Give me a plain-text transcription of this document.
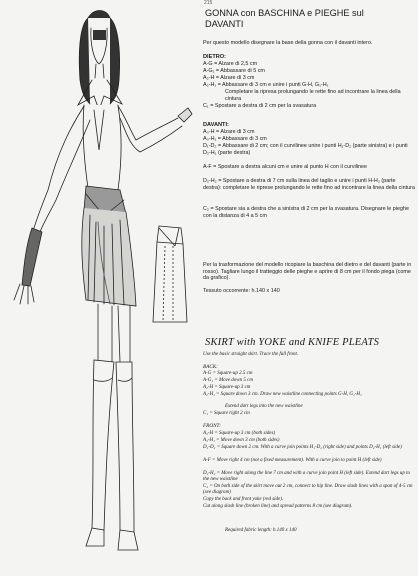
215
GONNA con BASCHINA e PIEGHE sul DAVANTI
Per questo modello disegnare la base della gonna con il davanti intero.
DIETRO:
A-G = Alzare di 2,5 cm
A-G₁ = Abbassare di 5 cm
A₂-H = Alzare di 3 cm
A₂-H₁ = Abbassare di 3 cm e unire i punti G-H, G₁-H₁
Completare la ripresa prolungando le rette fino ad incontrare la linea della cintura
C₁ = Spostare a destra di 2 cm per la svasatura
DAVANTI:
A₃-H = Alzare di 3 cm
A₃-H₁ = Abbassare di 3 cm
D₁-D₂ = Abbassare di 2 cm; con il curvilinee unire i punti H₁-D₂ (parte sinistra) e i punti D₂-H₁ (parte destra)
A-F = Spostare a destra alcuni cm e unire al punto H con il curvilinee
D₂-H₂ = Spostare a destra di 7 cm sulla linea del taglio e unire i punti H-H₂ (parte destra): completare le riprese prolungando le rette fino ad incontrare la linea della cintura
C₂ = Spostare sia a destra che a sinistra di 2 cm per la svasatura. Disegnare le pieghe con la distanza di 4 a 5 cm
Per la trasformazione del modello ricopiare la baschina del dietro e del davanti (parte in rosso). Tagliare lungo il tratteggio delle pieghe e aprire di 8 cm per il fondo piega (come da grafico).
Tessuto occorrente: h.140 x 140
SKIRT with YOKE and KNIFE PLEATS
Use the basic straight skirt. Trace the full front.
BACK:
A-G = Square-up 2.5 cm
A-G₁ = Move down 5 cm
A₂-H = Square-up 3 cm
A₂-H₁ = Square down 3 cm. Draw new waistline connecting points G-H, G₁-H₁
Extend dart legs into the new waistline
C₁ = Square right 2 cm
FRONT:
A₃-H = Square-up 3 cm (both sides)
A₃-H₁ = Move down 3 cm (both sides)
D₁-D₂ = Square down 2 cm. With a curve join points H₁-D₂ (right side) and points D₂-H₁ (left side)
A-F = Move right 4 cm (not a fixed measurement). With a curve join to point H (left side)
D₂-H₂ = Move right along the line 7 cm and with a curve join point H (left side). Extend dart legs up to the new waistline
C₂ = On both side of the skirt move out 2 cm, connect to hip line. Draw slash lines with a span of 4-5 cm (see diagram)
Copy the back and front yoke (red side).
Cut along slash line (broken line) and spread patterns 8 cm (see diagram).
Required fabric length: h.140 x 140
